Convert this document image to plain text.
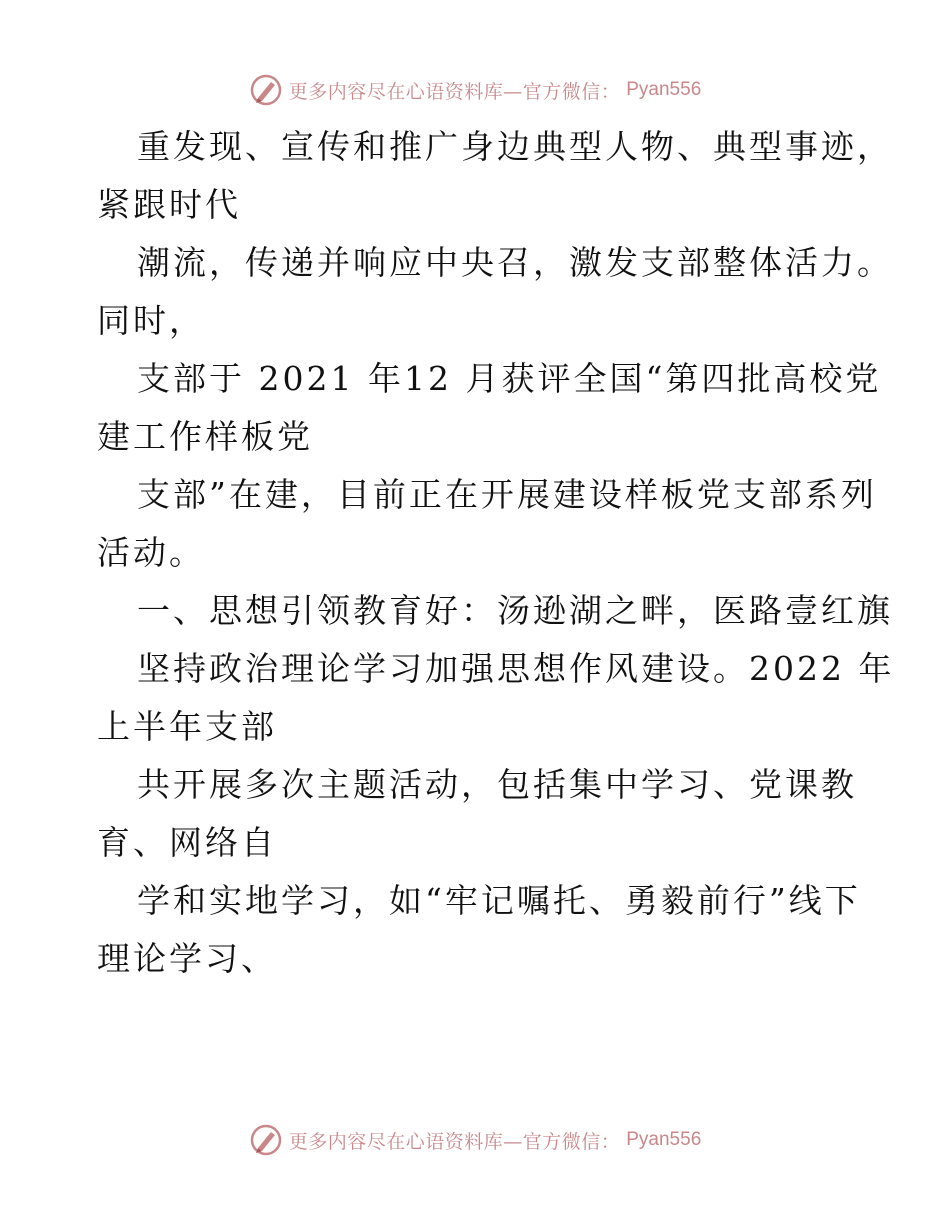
更多内容尽在心语资料库—官方微信： Pyan556
重发现、宣传和推广身边典型人物、典型事迹，
紧跟时代
潮流，传递并响应中央召，激发支部整体活力。
同时，
支部于 2021 年12 月获评全国“第四批高校党
建工作样板党
支部”在建，目前正在开展建设样板党支部系列
活动。
一、思想引领教育好：汤逊湖之畔，医路壹红旗
坚持政治理论学习加强思想作风建设。2022 年
上半年支部
共开展多次主题活动，包括集中学习、党课教
育、网络自
学和实地学习，如“牢记嘱托、勇毅前行”线下
理论学习、
更多内容尽在心语资料库—官方微信： Pyan556
